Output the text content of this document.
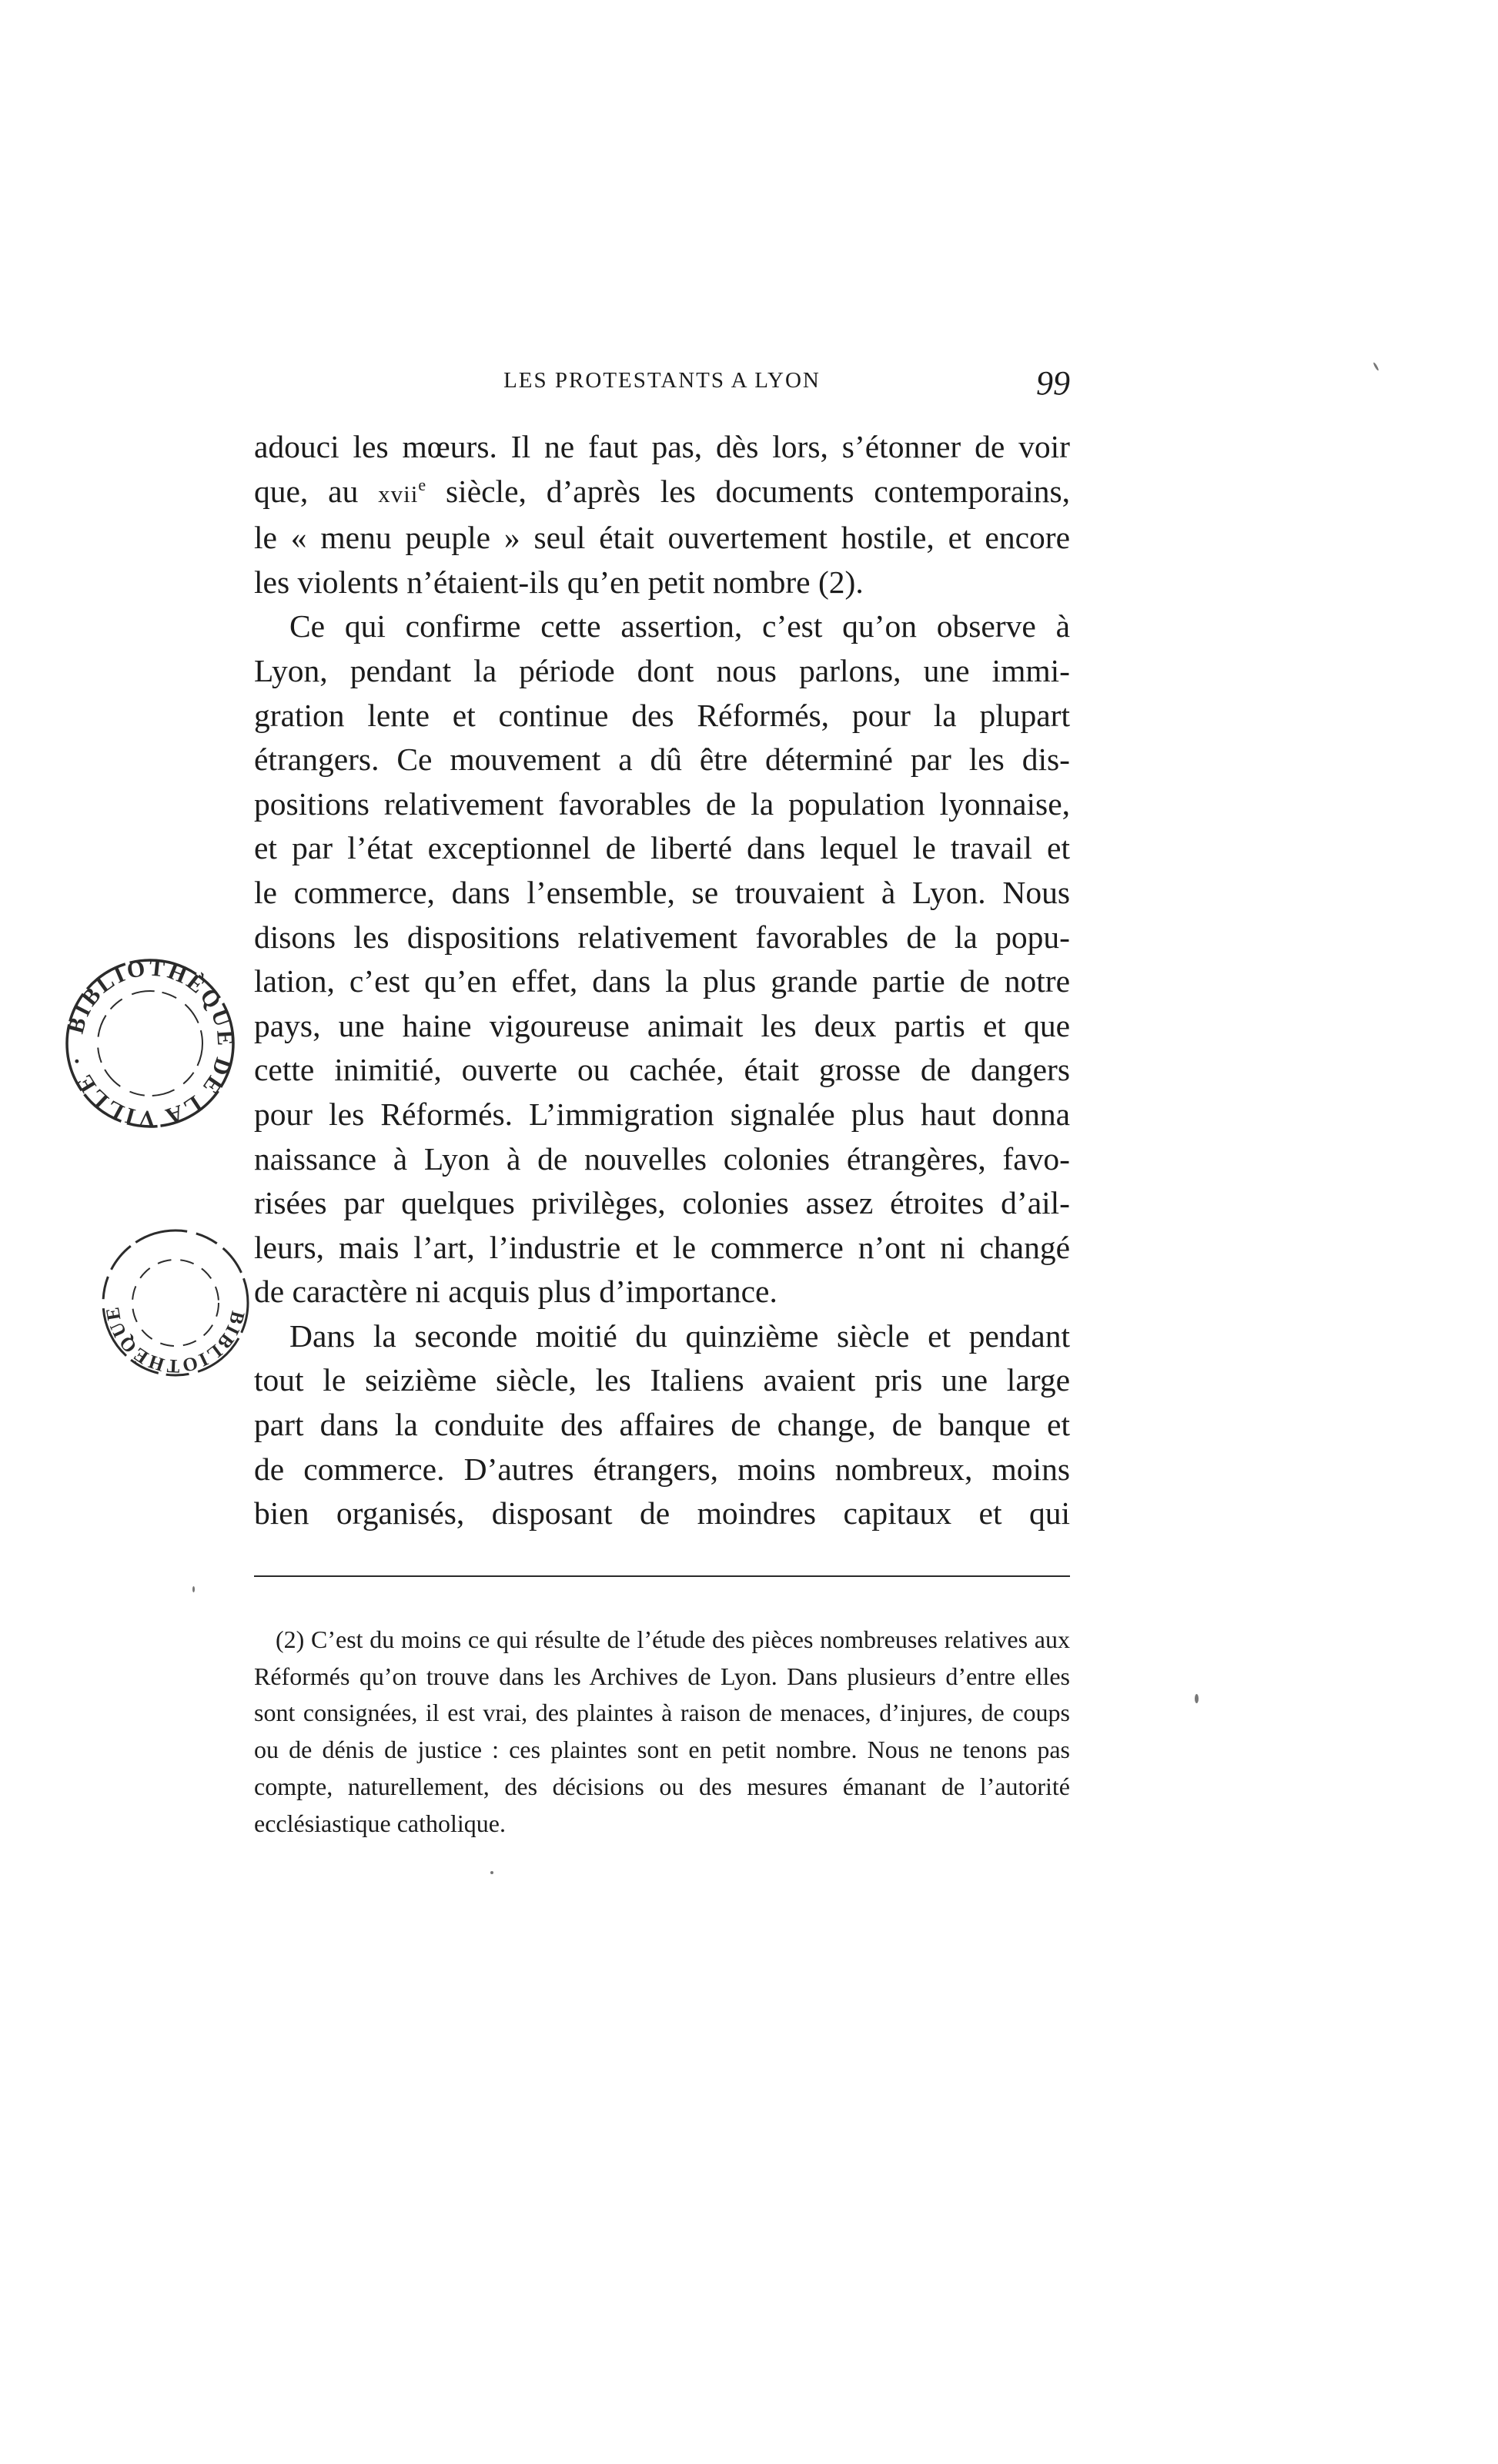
LES PROTESTANTS A LYON	99

adouci les mœurs. Il ne faut pas, dès lors, s’étonner de voir

que, au xvii$^e$ siècle, d’après les documents contemporains,

le « menu peuple » seul était ouvertement hostile, et encore

les violents n’étaient-ils qu’en petit nombre (2).

Ce qui confirme cette assertion, c’est qu’on observe à

Lyon, pendant la période dont nous parlons, une immi-

gration lente et continue des Réformés, pour la plupart

étrangers. Ce mouvement a dû être déterminé par les dis-

positions relativement favorables de la population lyonnaise,

et par l’état exceptionnel de liberté dans lequel le travail et

le commerce, dans l’ensemble, se trouvaient à Lyon. Nous

disons les dispositions relativement favorables de la popu-

lation, c’est qu’en effet, dans la plus grande partie de notre

pays, une haine vigoureuse animait les deux partis et que

cette inimitié, ouverte ou cachée, était grosse de dangers

pour les Réformés. L’immigration signalée plus haut donna

naissance à Lyon à de nouvelles colonies étrangères, favo-

risées par quelques privilèges, colonies assez étroites d’ail-

leurs, mais l’art, l’industrie et le commerce n’ont ni changé

de caractère ni acquis plus d’importance.

Dans la seconde moitié du quinzième siècle et pendant

tout le seizième siècle, les Italiens avaient pris une large

part dans la conduite des affaires de change, de banque et

de commerce. D’autres étrangers, moins nombreux, moins

bien organisés, disposant de moindres capitaux et qui

(2) C’est du moins ce qui résulte de l’étude des pièces nombreuses relatives aux Réformés qu’on trouve dans les Archives de Lyon. Dans plusieurs d’entre elles sont consignées, il est vrai, des plaintes à raison de menaces, d’injures, de coups ou de dénis de justice : ces plaintes sont en petit nombre. Nous ne tenons pas compte, naturellement, des décisions ou des mesures émanant de l’autorité ecclésiastique catholique.

BIBLIOTHÈQUE DE LA VILLE ·
BIBLIOTHÈQUE
